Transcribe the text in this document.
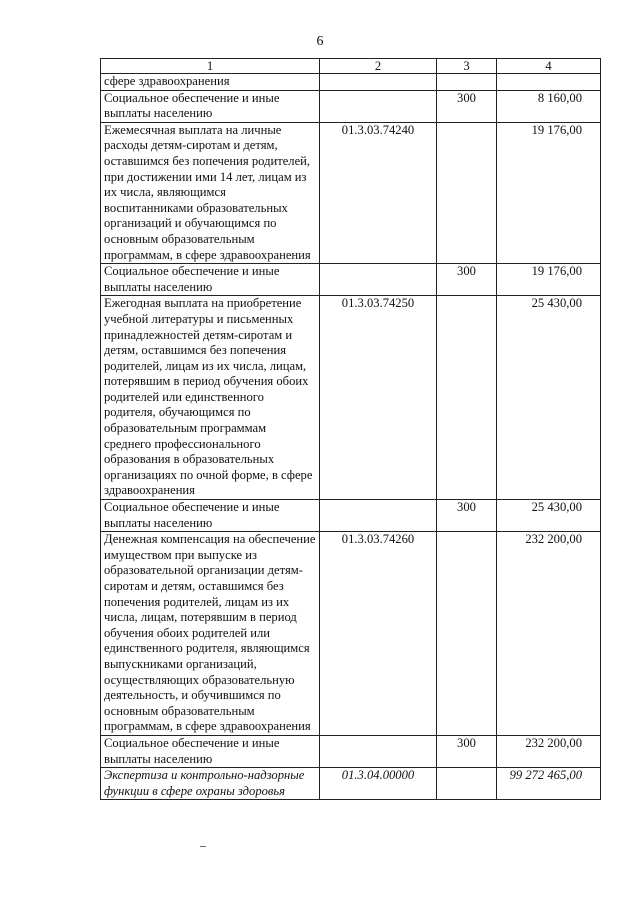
6
1	2	3	4
сфере здравоохранения			
Социальное обеспечение и иные выплаты населению		300	8 160,00
Ежемесячная выплата на личные расходы детям-сиротам и детям, оставшимся без попечения родителей, при достижении ими 14 лет, лицам из их числа, являющимся воспитанниками образовательных организаций и обучающимся по основным образовательным программам, в сфере здравоохранения	01.3.03.74240		19 176,00
Социальное обеспечение и иные выплаты населению		300	19 176,00
Ежегодная выплата на приобретение учебной литературы и письменных принадлежностей детям-сиротам и детям, оставшимся без попечения родителей, лицам из их числа, лицам, потерявшим в период обучения обоих родителей или единственного родителя, обучающимся по образовательным программам среднего профессионального образования в образовательных организациях по очной форме, в сфере здравоохранения	01.3.03.74250		25 430,00
Социальное обеспечение и иные выплаты населению		300	25 430,00
Денежная компенсация на обеспечение имуществом при выпуске из образовательной организации детям-сиротам и детям, оставшимся без попечения родителей, лицам из их числа, лицам, потерявшим в период обучения обоих родителей или единственного родителя, являющимся выпускниками организаций, осуществляющих образовательную деятельность, и обучившимся по основным образовательным программам, в сфере здравоохранения	01.3.03.74260		232 200,00
Социальное обеспечение и иные выплаты населению		300	232 200,00
Экспертиза и контрольно-надзорные функции в сфере охраны здоровья	01.3.04.00000		99 272 465,00
